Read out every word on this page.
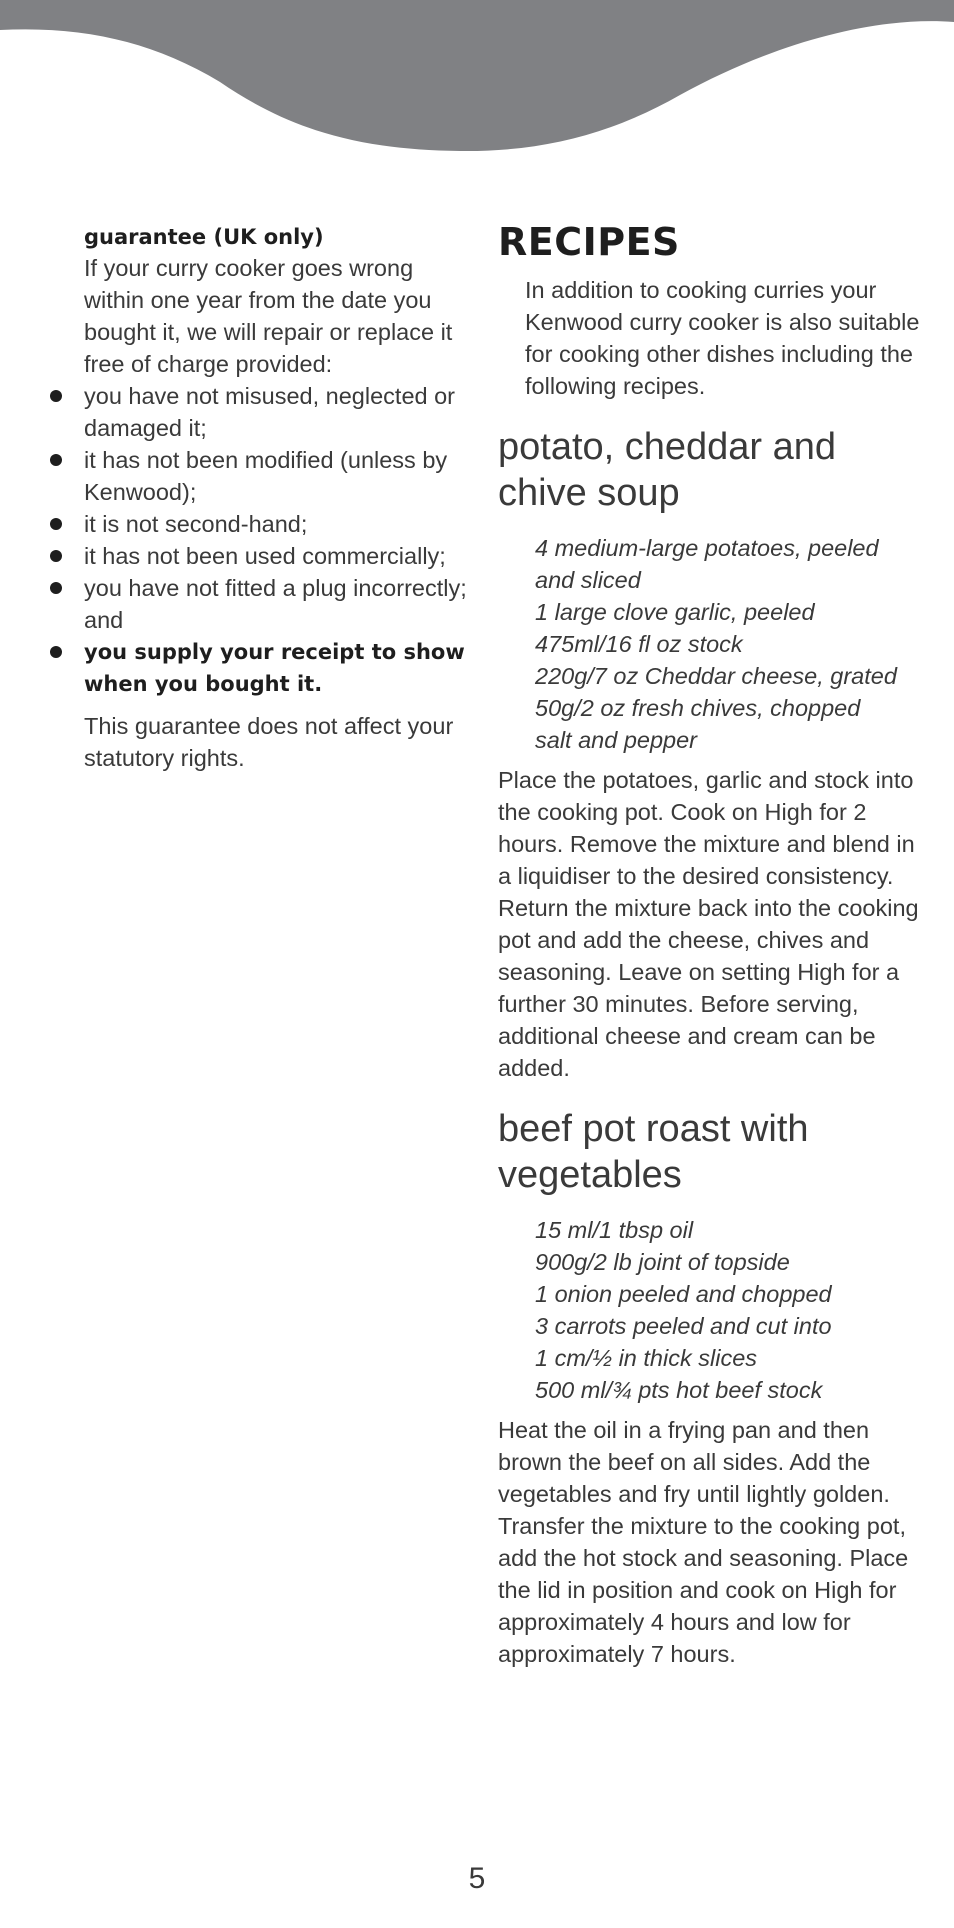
guarantee (UK only)
If your curry cooker goes wrong within one year from the date you bought it, we will repair or replace it free of charge provided:
you have not misused, neglected or damaged it;
it has not been modified (unless by Kenwood);
it is not second-hand;
it has not been used commercially;
you have not fitted a plug incorrectly; and
you supply your receipt to show when you bought it.
This guarantee does not affect your statutory rights.
RECIPES
In addition to cooking curries your Kenwood curry cooker is also suitable for cooking other dishes including the following recipes.
potato, cheddar and chive soup
4 medium-large potatoes, peeled
and sliced
1 large clove garlic, peeled
475ml/16 fl oz stock
220g/7 oz Cheddar cheese, grated
50g/2 oz fresh chives, chopped
salt and pepper
Place the potatoes, garlic and stock into the cooking pot. Cook on High for 2 hours. Remove the mixture and blend in a liquidiser to the desired consistency. Return the mixture back into the cooking pot and add the cheese, chives and seasoning. Leave on setting High for a further 30 minutes. Before serving, additional cheese and cream can be added.
beef pot roast with vegetables
15 ml/1 tbsp oil
900g/2 lb joint of topside
1 onion peeled and chopped
3 carrots peeled and cut into
1 cm/½ in thick slices
500 ml/¾ pts hot beef stock
Heat the oil in a frying pan and then brown the beef on all sides. Add the vegetables and fry until lightly golden. Transfer the mixture to the cooking pot, add the hot stock and seasoning. Place the lid in position and cook on High for approximately 4 hours and low for approximately 7 hours.
5
